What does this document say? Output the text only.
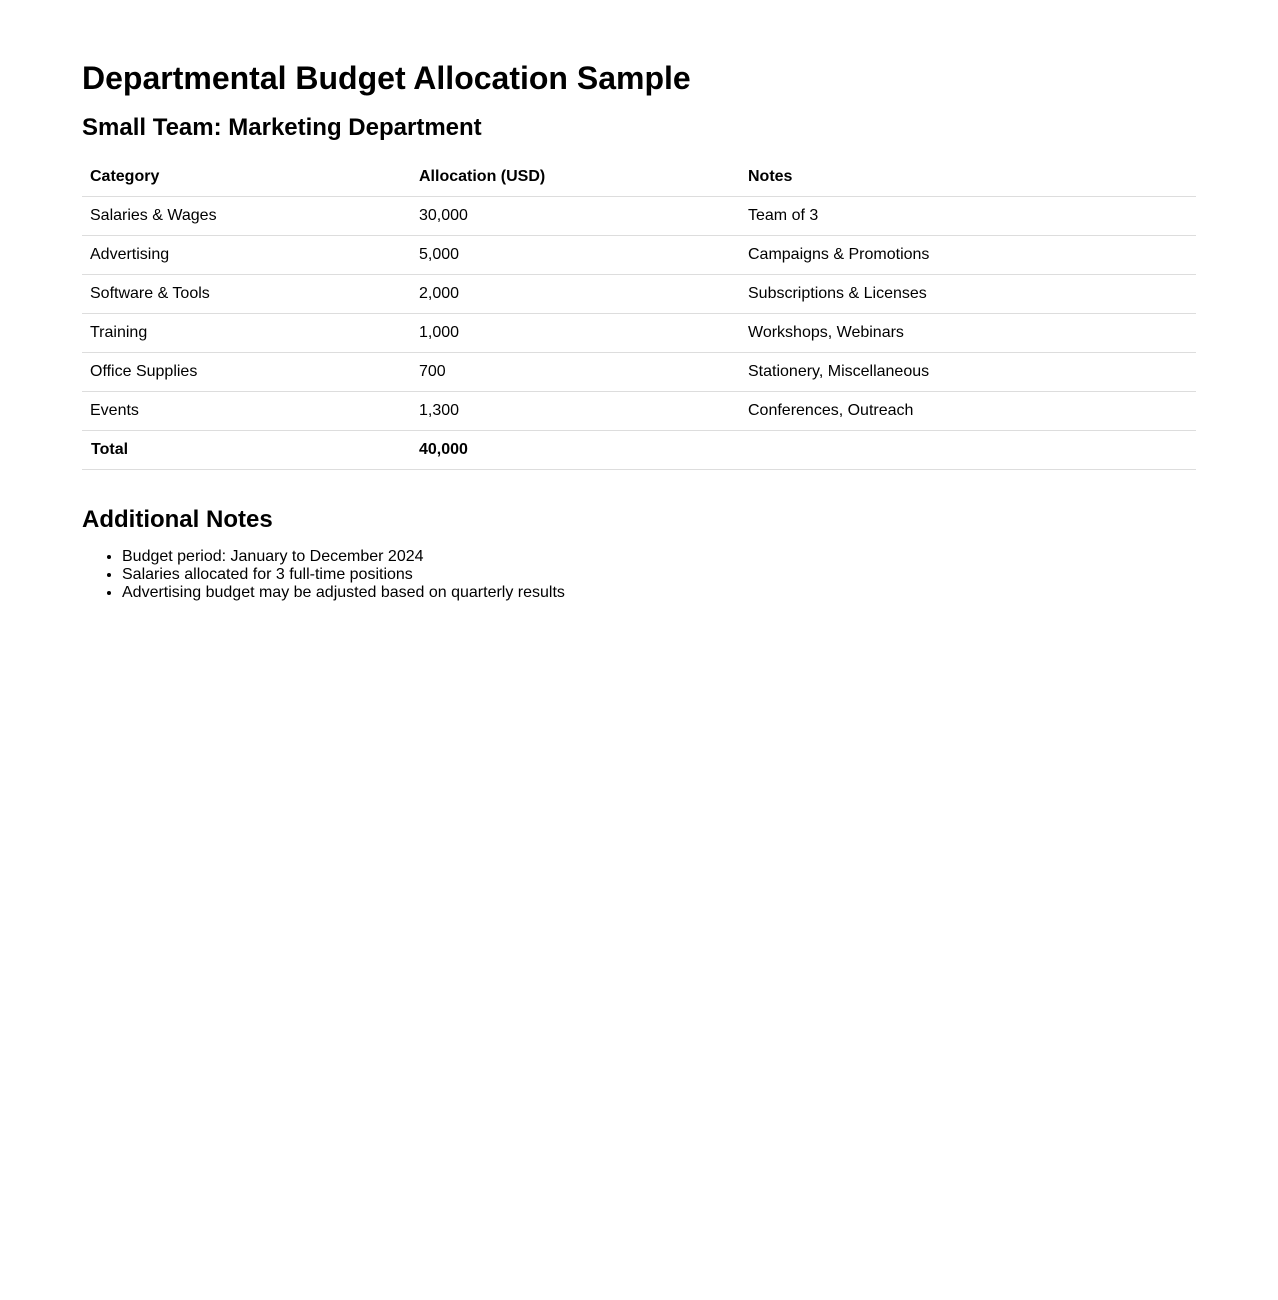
Departmental Budget Allocation Sample
Small Team: Marketing Department
Category	Allocation (USD)	Notes
Salaries & Wages	30,000	Team of 3
Advertising	5,000	Campaigns & Promotions
Software & Tools	2,000	Subscriptions & Licenses
Training	1,000	Workshops, Webinars
Office Supplies	700	Stationery, Miscellaneous
Events	1,300	Conferences, Outreach
Total	40,000	
Additional Notes
• Budget period: January to December 2024
• Salaries allocated for 3 full-time positions
• Advertising budget may be adjusted based on quarterly results
